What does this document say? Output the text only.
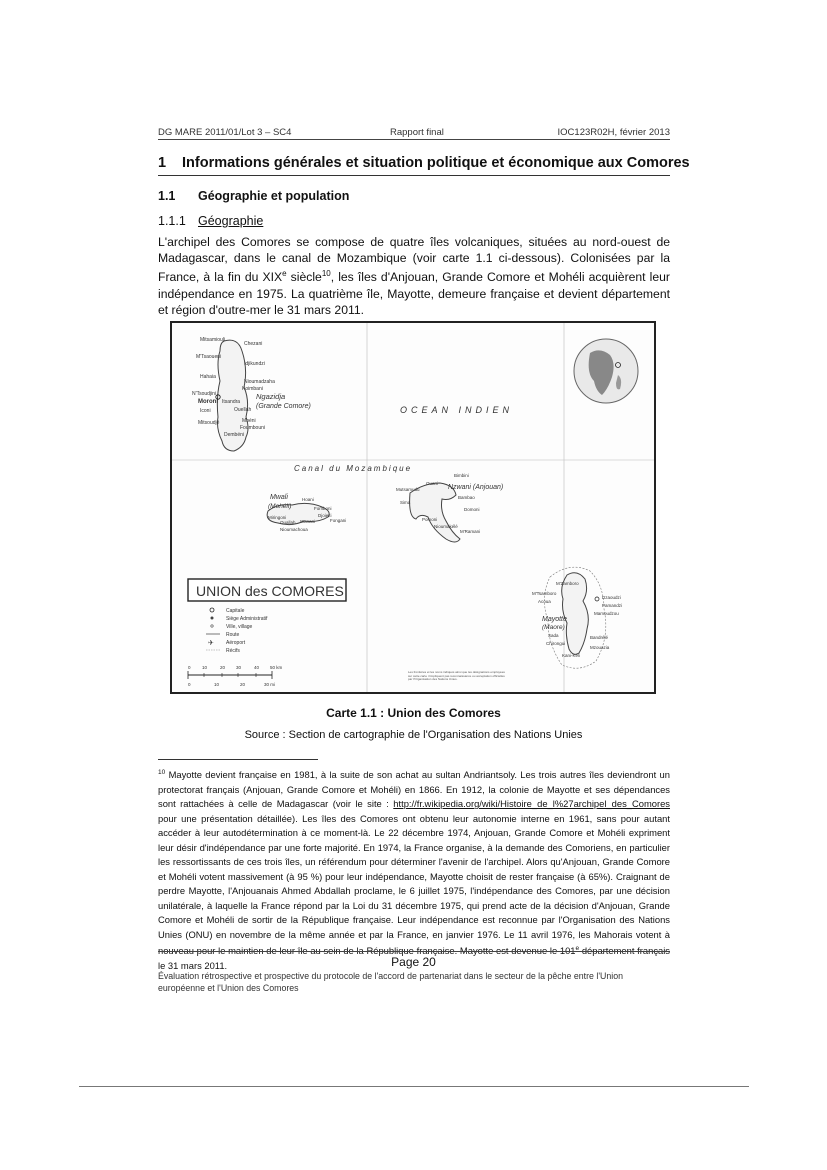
DG MARE 2011/01/Lot 3 – SC4	Rapport final	IOC123R02H, février 2013
1 Informations générales et situation politique et économique aux Comores
1.1 Géographie et population
1.1.1 Géographie
L'archipel des Comores se compose de quatre îles volcaniques, situées au nord-ouest de Madagascar, dans le canal de Mozambique (voir carte 1.1 ci-dessous). Colonisées par la France, à la fin du XIXe siècle$^{10}$, les îles d'Anjouan, Grande Comore et Mohéli acquièrent leur indépendance en 1975. La quatrième île, Mayotte, demeure française et devient département et région d'outre-mer le 31 mars 2011.
Ngazidja
(Grande Comore)
Mitsamiouli
Chezani
M'Tsaoueni
Idjikundzi
Hahaia
Nioumadzaha
N'Tsoudjini
Moroni Itsandra
Iconi	Ouellah
Mitsoudjé
Foumbouni
Dembéni
Mbéni
Koimbani
OCEAN INDIEN
Canal du Mozambique
Mwali
(Mohéli)
Hoani
Fomboni
Djoiezi
Miringoni
Nioumachoua
Wanani	Fongani
Ouallah
Nzwani (Anjouan)
Bimbini
Ouani
Mutsamudu
Bambao
Sima
Domoni
Pomoni
Nioumakélé
M'Ramani
Mayotte
(Maore)
M'Tsamboro
Acoua
Dzaoudzi
Pamandzi
Mamoudzou
Sada
Chirongui
Bandrélé
Kani-Kéli
Mzouazia
M'Zamboro
UNION des COMORES
Capitale
Siège Administratif
Ville, village
Route
✈ Aéroport
Récifs
0	10	20 30	40 50 km
0	10	20	30 mi
Les frontières et les noms indiqués ainsi que les désignations employées sur cette carte n'impliquent pas reconnaissance ou acceptation officielles par l'Organisation des Nations Unies.
Carte 1.1 : Union des Comores
Source : Section de cartographie de l'Organisation des Nations Unies
$^{10}$ Mayotte devient française en 1981, à la suite de son achat au sultan Andriantsoly. Les trois autres îles deviendront un protectorat français (Anjouan, Grande Comore et Mohéli) en 1866. En 1912, la colonie de Mayotte et ses dépendances sont rattachées à celle de Madagascar (voir le site : http://fr.wikipedia.org/wiki/Histoire_de_l%27archipel_des_Comores pour une présentation détaillée). Les îles des Comores ont obtenu leur autonomie interne en 1961, sans pour autant accéder à leur autodétermination à ce moment-là. Le 22 décembre 1974, Anjouan, Grande Comore et Mohéli expriment leur désir d'indépendance par une forte majorité. En 1974, la France organise, à la demande des Comoriens, en particulier les ressortissants de ces trois îles, un référendum pour déterminer l'avenir de l'archipel. Alors qu'Anjouan, Grande Comore et Mohéli votent massivement (à 95 %) pour leur indépendance, Mayotte choisit de rester française (à 65%). Craignant de perdre Mayotte, l'Anjouanais Ahmed Abdallah proclame, le 6 juillet 1975, l'indépendance des Comores, par une décision unilatérale, à laquelle la France répond par la Loi du 31 décembre 1975, qui prend acte de la décision d'Anjouan, Grande Comore et Mohéli de sortir de la République française. Leur indépendance est reconnue par l'Organisation des Nations Unies (ONU) en novembre de la même année et par la France, en janvier 1976. Le 11 avril 1976, les Mahorais votent à nouveau pour le maintien de leur île au sein de la République française. Mayotte est devenue le 101e département français le 31 mars 2011.	Page 20
Évaluation rétrospective et prospective du protocole de l'accord de partenariat dans le secteur de la pêche entre l'Union européenne et l'Union des Comores
